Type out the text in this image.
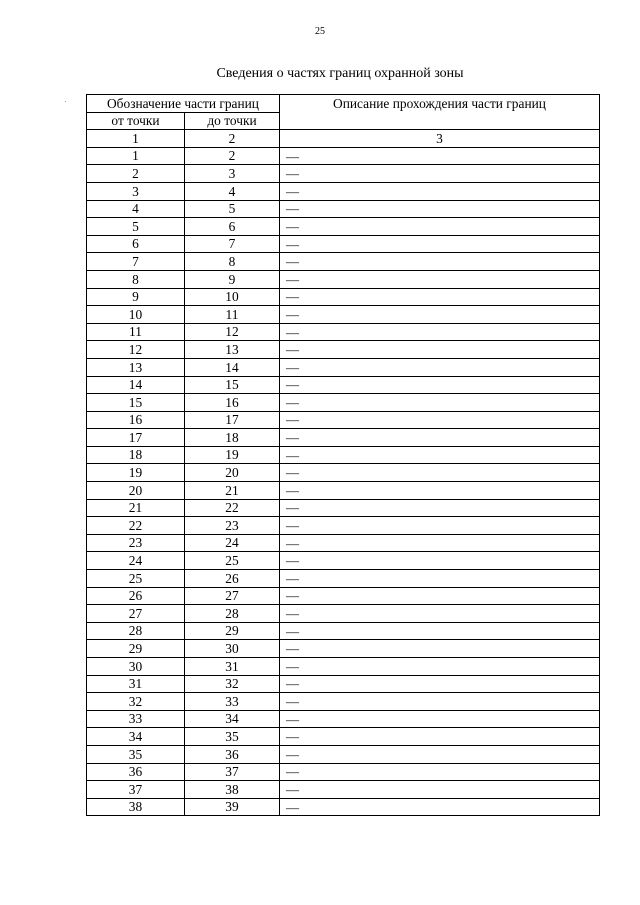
25
Сведения о частях границ охранной зоны
Обозначение части границ		Описание прохождения части границ
от точки	до точки	
1	2	3
1	2	—
2	3	—
3	4	—
4	5	—
5	6	—
6	7	—
7	8	—
8	9	—
9	10	—
10	11	—
11	12	—
12	13	—
13	14	—
14	15	—
15	16	—
16	17	—
17	18	—
18	19	—
19	20	—
20	21	—
21	22	—
22	23	—
23	24	—
24	25	—
25	26	—
26	27	—
27	28	—
28	29	—
29	30	—
30	31	—
31	32	—
32	33	—
33	34	—
34	35	—
35	36	—
36	37	—
37	38	—
38	39	—
